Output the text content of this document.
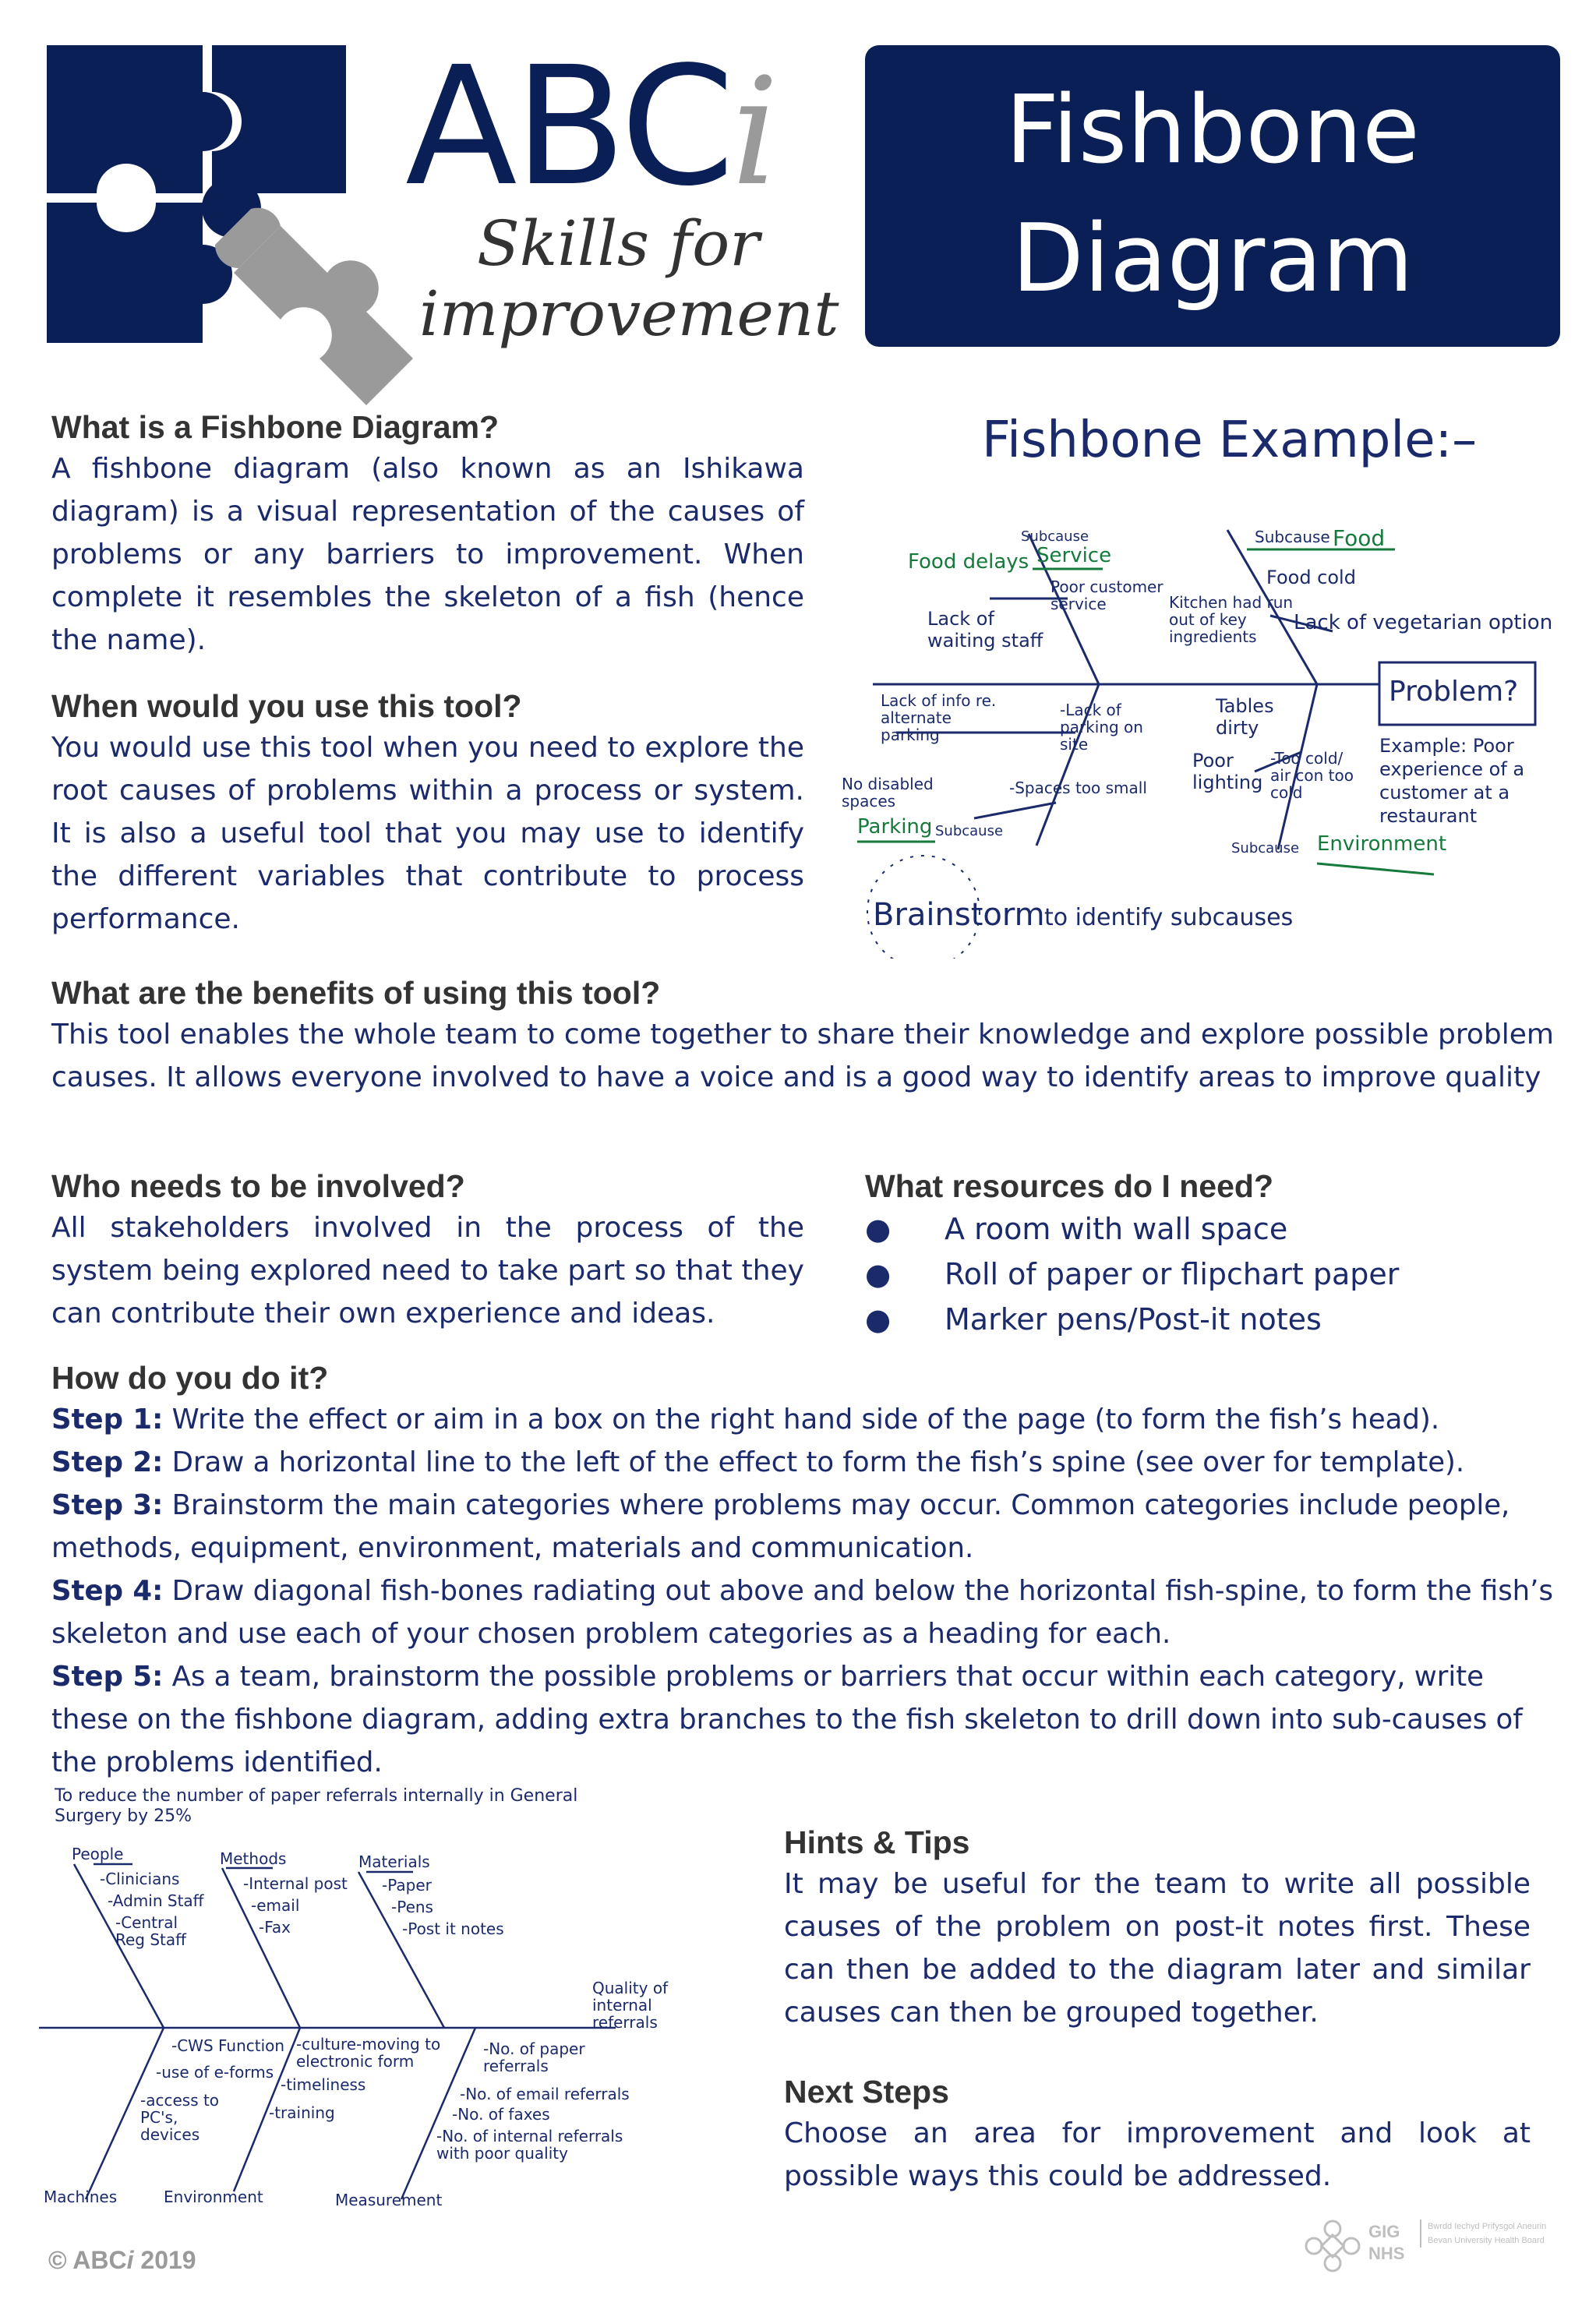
ABCi
Skills for
improvement
Fishbone
Diagram

What is a Fishbone Diagram?

A fishbone diagram (also known as an Ishikawa diagram) is a visual representation of the causes of problems or any barriers to improvement. When complete it resembles the skeleton of a fish (hence the name).

When would you use this tool?

You would use this tool when you need to explore the root causes of problems within a process or system. It is also a useful tool that you may use to identify the different variables that contribute to process performance.

Fishbone Example:–
Subcause
Service
Food delays
Poor customer service
Lack of waiting staff
Subcause Food
Food cold
Kitchen had run out of key ingredients
Lack of vegetarian option
Problem?
Example: Poor experience of a customer at a restaurant
Lack of info re. alternate parking
-Lack of parking on site
No disabled spaces
-Spaces too small
Parking Subcause
Tables dirty
Poor lighting
-Too cold/ air con too cold
Subcause Environment
Brainstorm to identify subcauses

What are the benefits of using this tool?

This tool enables the whole team to come together to share their knowledge and explore possible problem causes. It allows everyone involved to have a voice and is a good way to identify areas to improve quality

Who needs to be involved?

All stakeholders involved in the process of the system being explored need to take part so that they can contribute their own experience and ideas.

What resources do I need?

● A room with wall space
● Roll of paper or flipchart paper
● Marker pens/Post-it notes

How do you do it?

Step 1: Write the effect or aim in a box on the right hand side of the page (to form the fish’s head).

Step 2: Draw a horizontal line to the left of the effect to form the fish’s spine (see over for template).

Step 3: Brainstorm the main categories where problems may occur. Common categories include people, methods, equipment, environment, materials and communication.

Step 4: Draw diagonal fish-bones radiating out above and below the horizontal fish-spine, to form the fish’s skeleton and use each of your chosen problem categories as a heading for each.

Step 5: As a team, brainstorm the possible problems or barriers that occur within each category, write these on the fishbone diagram, adding extra branches to the fish skeleton to drill down into sub-causes of the problems identified.

To reduce the number of paper referrals internally in General Surgery by 25%
People
-Clinicians
-Admin Staff
-Central Reg Staff
Methods
-Internal post
-email
-Fax
Materials
-Paper
-Pens
-Post it notes
Quality of internal referrals
-CWS Function
-use of e-forms
-access to PC's, devices
Machines
-culture-moving to electronic form
-timeliness
-training
Environment
-No. of paper referrals
-No. of email referrals
-No. of faxes
-No. of internal referrals with poor quality
Measurement

Hints & Tips

It may be useful for the team to write all possible causes of the problem on post-it notes first. These can then be added to the diagram later and similar causes can then be grouped together.

Next Steps

Choose an area for improvement and look at possible ways this could be addressed.

© ABCi 2019
GIG NHS
Bwrdd Iechyd Prifysgol Aneurin Bevan University Health Board
